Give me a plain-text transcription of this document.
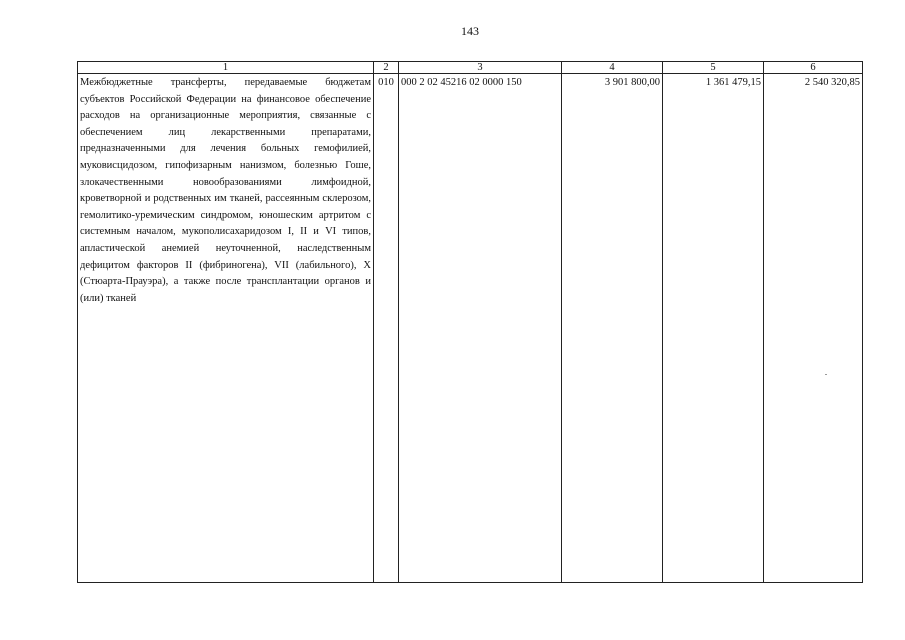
143
1	2	3	4	5	6
Межбюджетные трансферты, передаваемые бюджетам субъектов Российской Федерации на финансовое обеспечение расходов на организационные мероприятия, связанные с обеспечением лиц лекарственными препаратами, предназначенными для лечения больных гемофилией, муковисцидозом, гипофизарным нанизмом, болезнью Гоше, злокачественными новообразованиями лимфоидной, кроветворной и родственных им тканей, рассеянным склерозом, гемолитико-уремическим синдромом, юношеским артритом с системным началом, мукополисахаридозом I, II и VI типов, апластической анемией неуточненной, наследственным дефицитом факторов II (фибриногена), VII (лабильного), X (Стюарта-Прауэра), а также после трансплантации органов и (или) тканей	010	000 2 02 45216 02 0000 150	3 901 800,00	1 361 479,15	2 540 320,85
